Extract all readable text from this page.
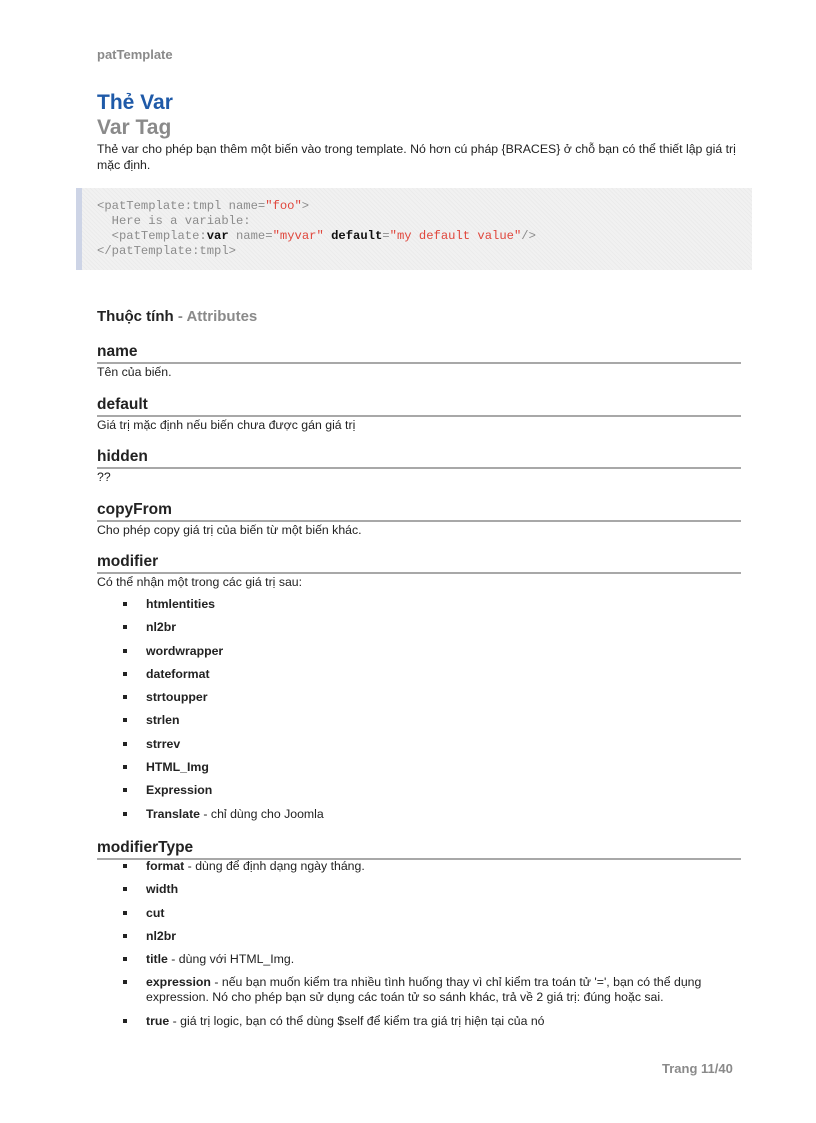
patTemplate
Thẻ Var
Var Tag
Thẻ var cho phép bạn thêm một biến vào trong template. Nó hơn cú pháp {BRACES} ở chỗ bạn có thể thiết lập giá trị mặc định.
<patTemplate:tmpl name="foo">
Here is a variable:
<patTemplate:var name="myvar" default="my default value"/>
</patTemplate:tmpl>
Thuộc tính - Attributes
name
Tên của biến.
default
Giá trị mặc định nếu biến chưa được gán giá trị
hidden
??
copyFrom
Cho phép copy giá trị của biến từ một biến khác.
modifier
Có thể nhận một trong các giá trị sau:
htmlentities
nl2br
wordwrapper
dateformat
strtoupper
strlen
strrev
HTML_Img
Expression
Translate - chỉ dùng cho Joomla
modifierType
format - dùng để định dạng ngày tháng.
width
cut
nl2br
title - dùng với HTML_Img.
expression - nếu bạn muốn kiểm tra nhiều tình huống thay vì chỉ kiểm tra toán tử '=', bạn có thể dụng expression. Nó cho phép bạn sử dụng các toán tử so sánh khác, trả về 2 giá trị: đúng hoặc sai.
true - giá trị logic, bạn có thể dùng $self để kiểm tra giá trị hiện tại của nó
Trang 11/40
